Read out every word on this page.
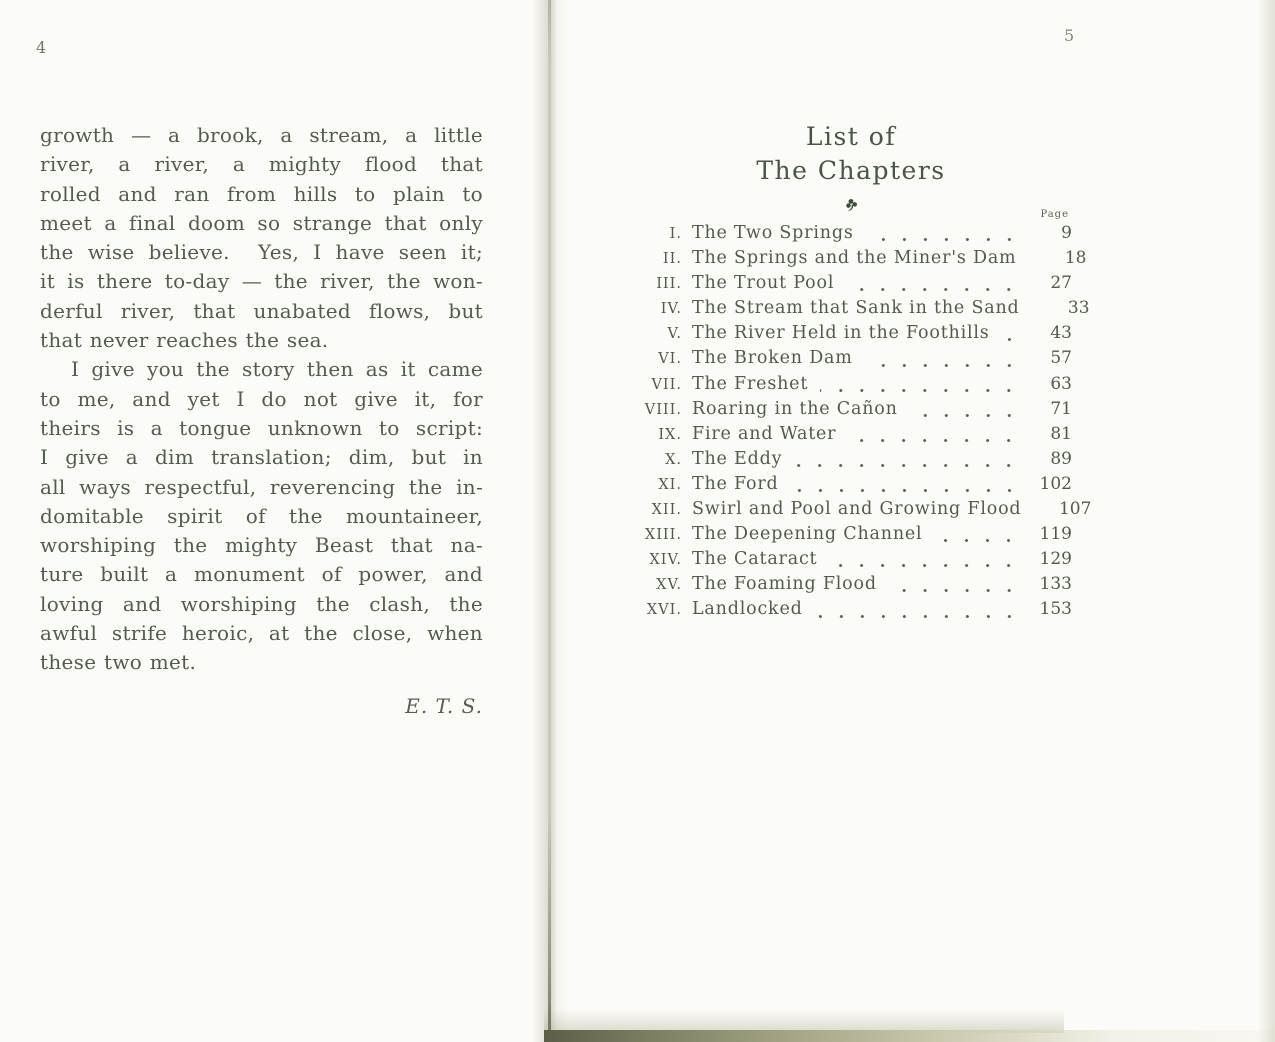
4
5
growth — a brook, a stream, a little
river, a river, a mighty flood that
rolled and ran from hills to plain to
meet a final doom so strange that only
the wise believe.  Yes, I have seen it;
it is there to-day — the river, the won-
derful river, that unabated flows, but
that never reaches the sea.
I give you the story then as it came
to me, and yet I do not give it, for
theirs is a tongue unknown to script:
I give a dim translation; dim, but in
all ways respectful, reverencing the in-
domitable spirit of the mountaineer,
worshiping the mighty Beast that na-
ture built a monument of power, and
loving and worshiping the clash, the
awful strife heroic, at the close, when
these two met.
E. T. S.
List of
The Chapters
Page
I. The Two Springs	9
II. The Springs and the Miner's Dam	18
III. The Trout Pool	27
IV. The Stream that Sank in the Sand	33
V. The River Held in the Foothills	43
VI. The Broken Dam	57
VII. The Freshet	63
VIII. Roaring in the Cañon	71
IX. Fire and Water	81
X. The Eddy	89
XI. The Ford	102
XII. Swirl and Pool and Growing Flood 107
XIII. The Deepening Channel	119
XIV. The Cataract	129
XV. The Foaming Flood	133
XVI. Landlocked	153
